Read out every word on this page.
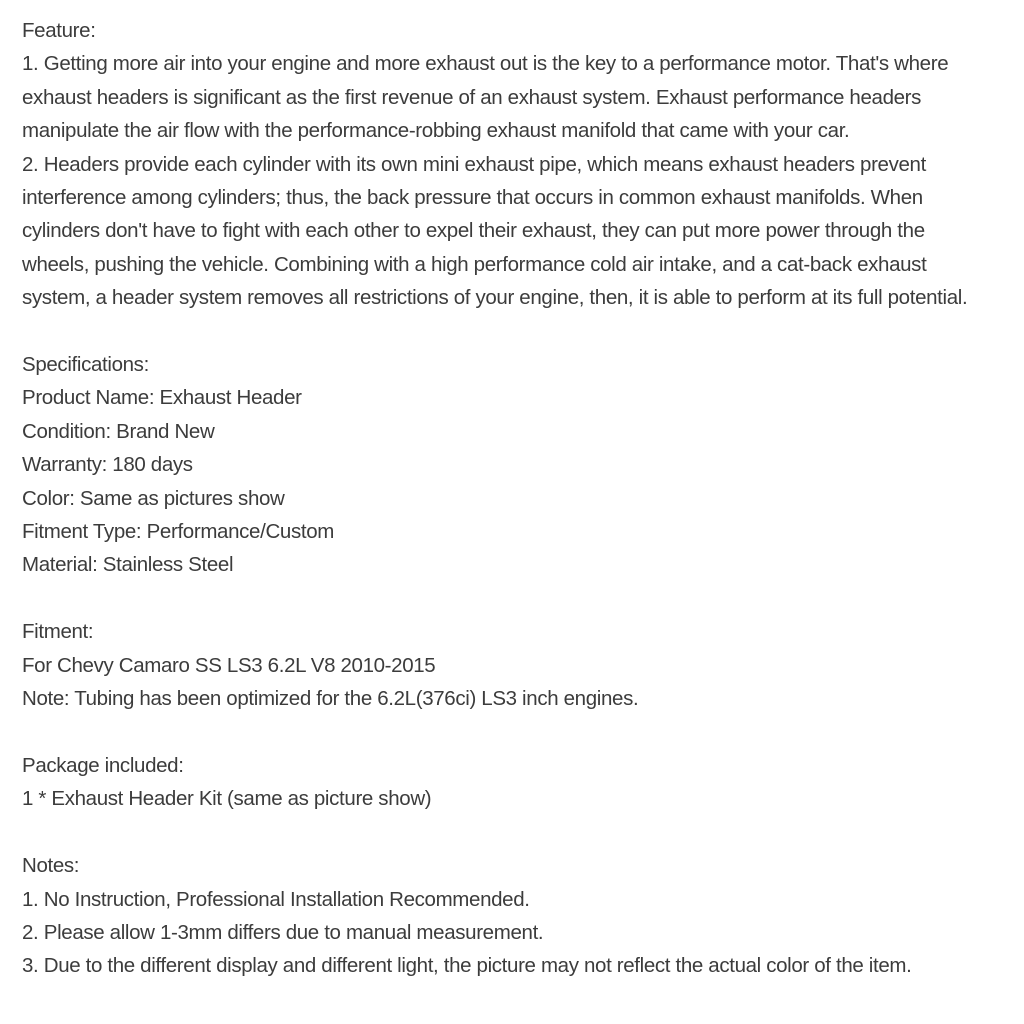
Feature:
1. Getting more air into your engine and more exhaust out is the key to a performance motor. That's where
exhaust headers is significant as the first revenue of an exhaust system. Exhaust performance headers
manipulate the air flow with the performance-robbing exhaust manifold that came with your car.
2. Headers provide each cylinder with its own mini exhaust pipe, which means exhaust headers prevent
interference among cylinders; thus, the back pressure that occurs in common exhaust manifolds. When
cylinders don't have to fight with each other to expel their exhaust, they can put more power through the
wheels, pushing the vehicle. Combining with a high performance cold air intake, and a cat-back exhaust
system, a header system removes all restrictions of your engine, then, it is able to perform at its full potential.
Specifications:
Product Name: Exhaust Header
Condition: Brand New
Warranty: 180 days
Color: Same as pictures show
Fitment Type: Performance/Custom
Material: Stainless Steel
Fitment:
For Chevy Camaro SS LS3 6.2L V8 2010-2015
Note: Tubing has been optimized for the 6.2L(376ci) LS3 inch engines.
Package included:
1 * Exhaust Header Kit (same as picture show)
Notes:
1. No Instruction, Professional Installation Recommended.
2. Please allow 1-3mm differs due to manual measurement.
3. Due to the different display and different light, the picture may not reflect the actual color of the item.
